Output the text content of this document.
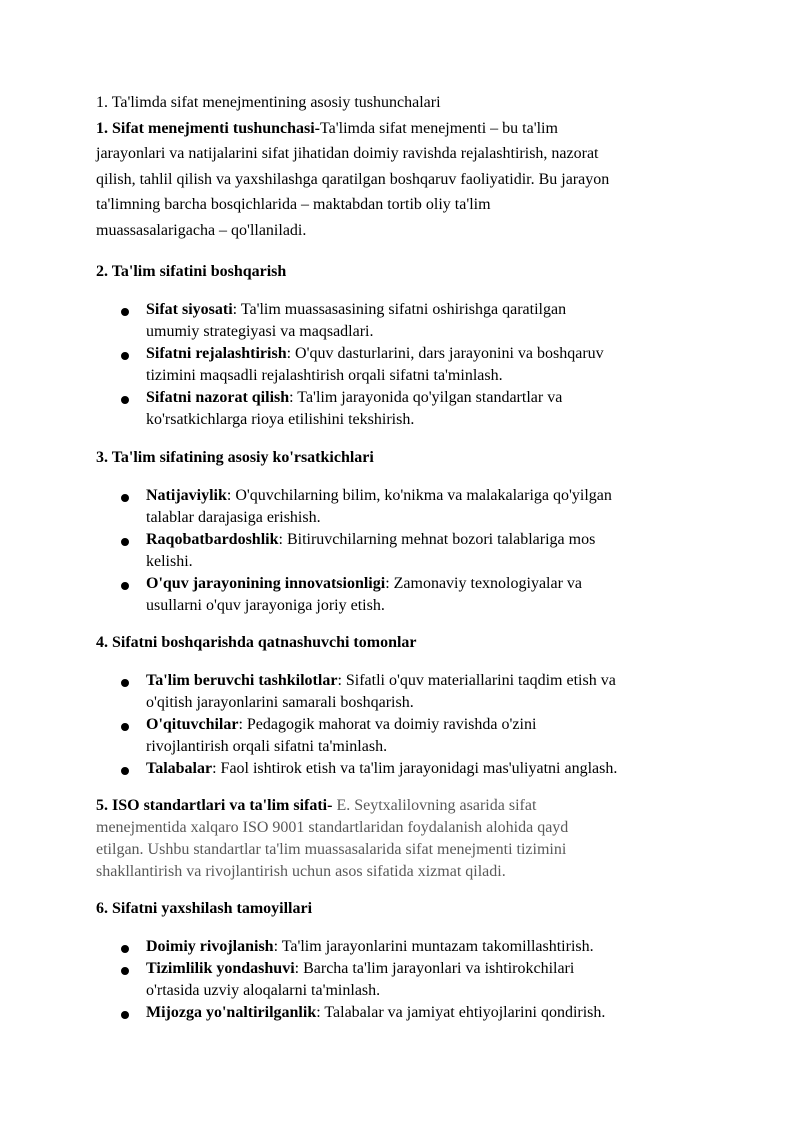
1. Ta'limda sifat menejmentining asosiy tushunchalari

1. Sifat menejmenti tushunchasi-Ta'limda sifat menejmenti – bu ta'lim
jarayonlari va natijalarini sifat jihatidan doimiy ravishda rejalashtirish, nazorat
qilish, tahlil qilish va yaxshilashga qaratilgan boshqaruv faoliyatidir. Bu jarayon
ta'limning barcha bosqichlarida – maktabdan tortib oliy ta'lim
muassasalarigacha – qo'llaniladi.

2. Ta'lim sifatini boshqarish

Sifat siyosati: Ta'lim muassasasining sifatni oshirishga qaratilgan
umumiy strategiyasi va maqsadlari.
Sifatni rejalashtirish: O'quv dasturlarini, dars jarayonini va boshqaruv
tizimini maqsadli rejalashtirish orqali sifatni ta'minlash.
Sifatni nazorat qilish: Ta'lim jarayonida qo'yilgan standartlar va
ko'rsatkichlarga rioya etilishini tekshirish.

3. Ta'lim sifatining asosiy ko'rsatkichlari

Natijaviylik: O'quvchilarning bilim, ko'nikma va malakalariga qo'yilgan
talablar darajasiga erishish.
Raqobatbardoshlik: Bitiruvchilarning mehnat bozori talablariga mos
kelishi.
O'quv jarayonining innovatsionligi: Zamonaviy texnologiyalar va
usullarni o'quv jarayoniga joriy etish.

4. Sifatni boshqarishda qatnashuvchi tomonlar

Ta'lim beruvchi tashkilotlar: Sifatli o'quv materiallarini taqdim etish va
o'qitish jarayonlarini samarali boshqarish.
O'qituvchilar: Pedagogik mahorat va doimiy ravishda o'zini
rivojlantirish orqali sifatni ta'minlash.
Talabalar: Faol ishtirok etish va ta'lim jarayonidagi mas'uliyatni anglash.

5. ISO standartlari va ta'lim sifati- E. Seytxalilovning asarida sifat
menejmentida xalqaro ISO 9001 standartlaridan foydalanish alohida qayd
etilgan. Ushbu standartlar ta'lim muassasalarida sifat menejmenti tizimini
shakllantirish va rivojlantirish uchun asos sifatida xizmat qiladi.

6. Sifatni yaxshilash tamoyillari

Doimiy rivojlanish: Ta'lim jarayonlarini muntazam takomillashtirish.
Tizimlilik yondashuvi: Barcha ta'lim jarayonlari va ishtirokchilari
o'rtasida uzviy aloqalarni ta'minlash.
Mijozga yo'naltirilganlik: Talabalar va jamiyat ehtiyojlarini qondirish.
